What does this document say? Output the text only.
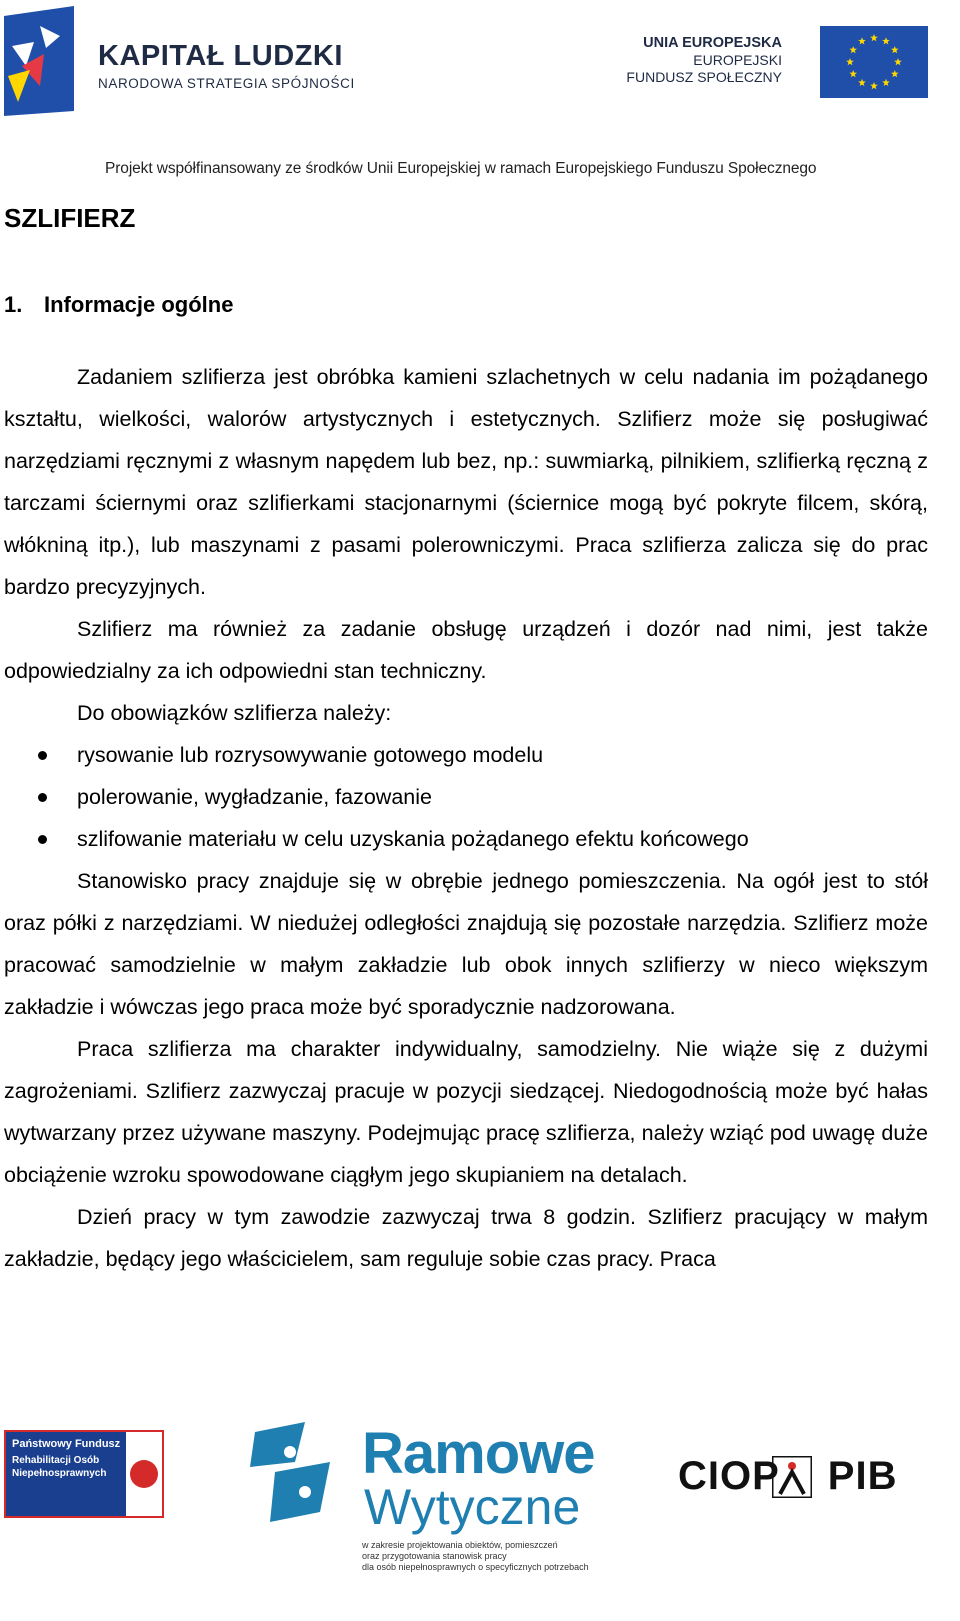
KAPITAŁ LUDZKI
NARODOWA STRATEGIA SPÓJNOŚCI
UNIA EUROPEJSKA
EUROPEJSKI
FUNDUSZ SPOŁECZNY
Projekt współfinansowany ze środków Unii Europejskiej w ramach Europejskiego Funduszu Społecznego
SZLIFIERZ
1. Informacje ogólne

Zadaniem szlifierza jest obróbka kamieni szlachetnych w celu nadania im pożądanego kształtu, wielkości, walorów artystycznych i estetycznych. Szlifierz może się posługiwać narzędziami ręcznymi z własnym napędem lub bez, np.: suwmiarką, pilnikiem, szlifierką ręczną z tarczami ściernymi oraz szlifierkami stacjonarnymi (ściernice mogą być pokryte filcem, skórą, włókniną itp.), lub maszynami z pasami polerowniczymi. Praca szlifierza zalicza się do prac bardzo precyzyjnych.

Szlifierz ma również za zadanie obsługę urządzeń i dozór nad nimi, jest także odpowiedzialny za ich odpowiedni stan techniczny.

Do obowiązków szlifierza należy:

rysowanie lub rozrysowywanie gotowego modelu
polerowanie, wygładzanie, fazowanie
szlifowanie materiału w celu uzyskania pożądanego efektu końcowego

Stanowisko pracy znajduje się w obrębie jednego pomieszczenia. Na ogół jest to stół oraz półki z narzędziami. W niedużej odległości znajdują się pozostałe narzędzia. Szlifierz może pracować samodzielnie w małym zakładzie lub obok innych szlifierzy w nieco większym zakładzie i wówczas jego praca może być sporadycznie nadzorowana.

Praca szlifierza ma charakter indywidualny, samodzielny. Nie wiąże się z dużymi zagrożeniami. Szlifierz zazwyczaj pracuje w pozycji siedzącej. Niedogodnością może być hałas wytwarzany przez używane maszyny. Podejmując pracę szlifierza, należy wziąć pod uwagę duże obciążenie wzroku spowodowane ciągłym jego skupianiem na detalach.

Dzień pracy w tym zawodzie zazwyczaj trwa 8 godzin. Szlifierz pracujący w małym zakładzie, będący jego właścicielem, sam reguluje sobie czas pracy. Praca

Państwowy Fundusz
Rehabilitacji Osób
Niepełnosprawnych	Ramowe
Wytyczne
w zakresie projektowania obiektów, pomieszczeń
oraz przygotowania stanowisk pracy
dla osób niepełnosprawnych o specyficznych potrzebach
CIOP PIB
